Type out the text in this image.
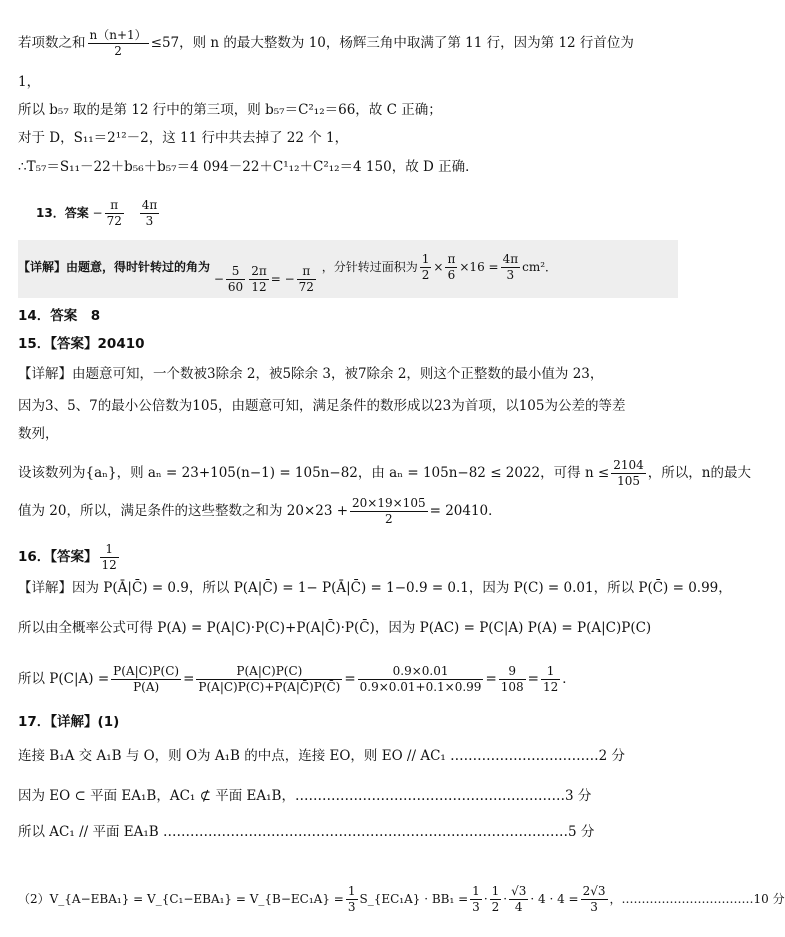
若项数之和 $\frac{n(n+1)}{2} \le 57$，则 n 的最大整数为 10，杨辉三角中取满了第 11 行，因为第 12 行首位为
1，
所以 b₅₇ 取的是第 12 行中的第三项，则 b₅₇＝C²₁₂＝66，故 C 正确；
对于 D，S₁₁＝2¹²－2，这 11 行中共去掉了 22 个 1，
∴T₅₇＝S₁₁－22＋b₅₆＋b₅₇＝4 094－22＋C¹₁₂＋C²₁₂＝4 150，故 D 正确．
13．答案 − $\frac{\pi}{72}$
$\frac{4\pi}{3}$
【详解】由题意，得时针转过的角为 − $\frac{5}{60} \frac{2\pi}{12}$ = − $\frac{\pi}{72}$ ，分针转过面积为 $\frac{1}{2} \times \frac{\pi}{6} \times 16 = \frac{4\pi}{3} cm^2$．
14．答案　8
15．【答案】20410
【详解】由题意可知，一个数被3除余 2，被5除余 3，被7除余 2，则这个正整数的最小值为 23，
因为3、5、7的最小公倍数为105，由题意可知，满足条件的数形成以23为首项，以105为公差的等差
数列，
设该数列为{aₙ}，则 aₙ = 23+105(n−1) = 105n−82，由 aₙ = 105n−82 ≤ 2022，可得 $n \le \frac{2104}{105}$ ，所以，n的最大
值为 20，所以，满足条件的这些整数之和为 $20\times 23 + \frac{20\times 19\times 105}{2} = 20410$．
16．【答案】 $\frac{1}{12}$
【详解】因为 P(Ā|C̄) = 0.9，所以 P(A|C̄) = 1− P(Ā|C̄) = 1−0.9 = 0.1，因为 P(C) = 0.01，所以 P(C̄) = 0.99，
所以由全概率公式可得 P(A) = P(A|C)·P(C)+P(A|C̄)·P(C̄)，因为 P(AC) = P(C|A) P(A) = P(A|C)P(C)
所以 $P(C|A) = \frac{P(A|C)P(C)}{P(A)} = \frac{P(A|C)P(C)}{P(A|C)P(C)+P(A|C̄)P(C̄)} = \frac{0.9\times 0.01}{0.9\times 0.01+0.1\times 0.99} = \frac{9}{108} = \frac{1}{12}$ ．
17．【详解】(1)
连接 B₁A 交 A₁B 与 O，则 O为 A₁B 的中点，连接 EO，则 EO // AC₁ ……………………………2 分
因为 EO ⊂ 平面 EA₁B，AC₁ ⊄ 平面 EA₁B，……………………………………………………3 分
所以 AC₁ // 平面 EA₁B ………………………………………………………………………………5 分
（2）V_{A−EBA₁} = V_{C₁−EBA₁} = V_{B−EC₁A} = $\frac{1}{3}$ S_{EC₁A} · $BB_1 = \frac{1}{3} \cdot \frac{1}{2} \cdot \frac{√3}{4} \cdot 4 \cdot 4 = \frac{2√3}{3}$ ，……………………………10 分
